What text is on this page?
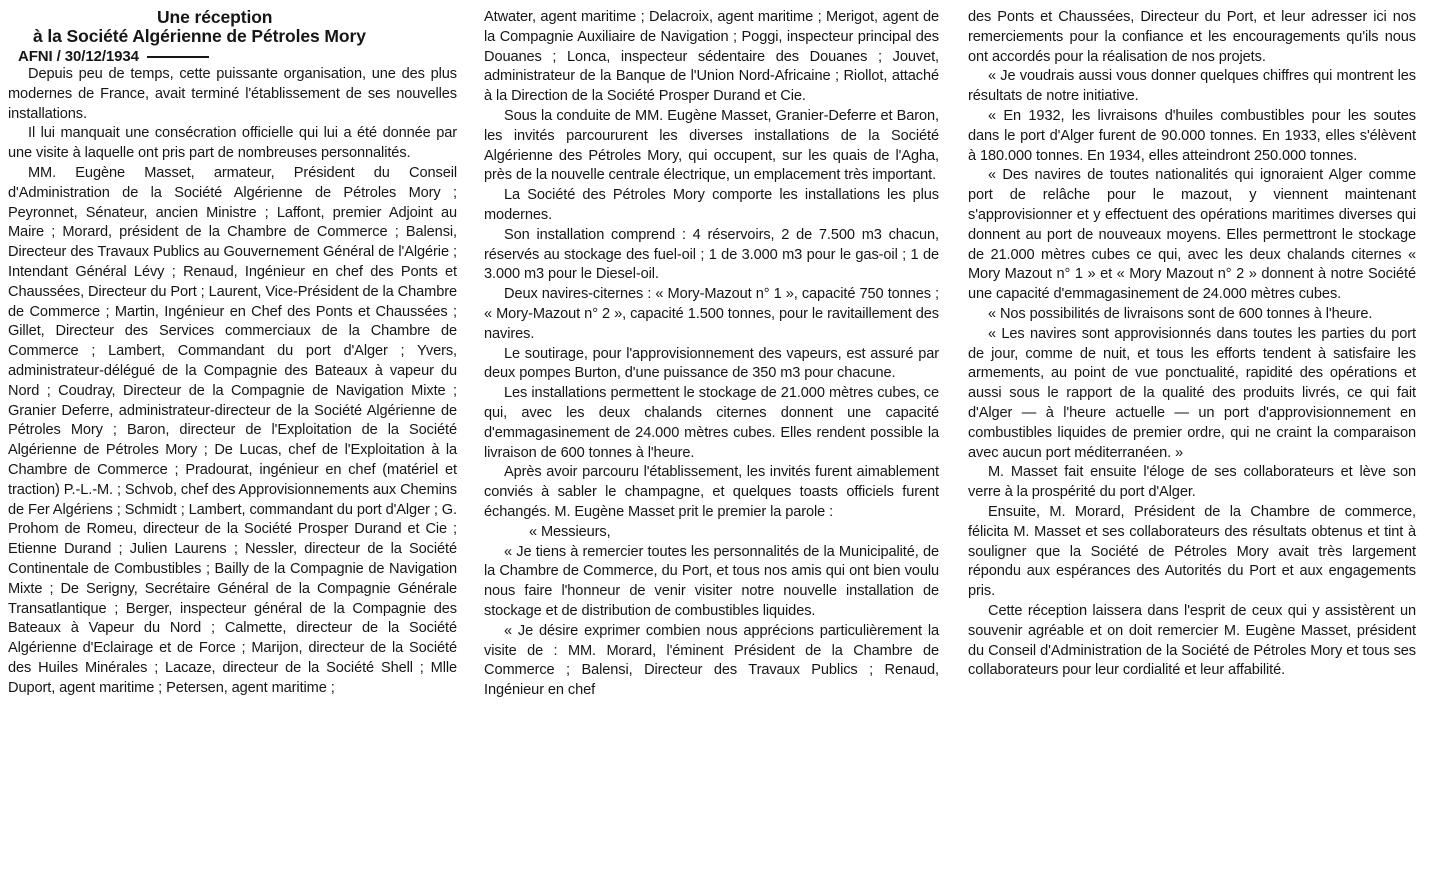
Une réception
à la Société Algérienne de Pétroles Mory
AFNI / 30/12/1934

Depuis peu de temps, cette puissante organisation, une des plus modernes de France, avait terminé l'établissement de ses nouvelles installations.

Il lui manquait une consécration officielle qui lui a été donnée par une visite à laquelle ont pris part de nombreuses personnalités.

MM. Eugène Masset, armateur, Président du Conseil d'Administration de la Société Algérienne de Pétroles Mory ; Peyronnet, Sénateur, ancien Ministre ; Laffont, premier Adjoint au Maire ; Morard, président de la Chambre de Commerce ; Balensi, Directeur des Travaux Publics au Gouvernement Général de l'Algérie ; Intendant Général Lévy ; Renaud, Ingénieur en chef des Ponts et Chaussées, Directeur du Port ; Laurent, Vice-Président de la Chambre de Commerce ; Martin, Ingénieur en Chef des Ponts et Chaussées ; Gillet, Directeur des Services commerciaux de la Chambre de Commerce ; Lambert, Commandant du port d'Alger ; Yvers, administrateur-délégué de la Compagnie des Bateaux à vapeur du Nord ; Coudray, Directeur de la Compagnie de Navigation Mixte ; Granier Deferre, administrateur-directeur de la Société Algérienne de Pétroles Mory ; Baron, directeur de l'Exploitation de la Société Algérienne de Pétroles Mory ; De Lucas, chef de l'Exploitation à la Chambre de Commerce ; Pradourat, ingénieur en chef (matériel et traction) P.-L.-M. ; Schvob, chef des Approvisionnements aux Chemins de Fer Algériens ; Schmidt ; Lambert, commandant du port d'Alger ; G. Prohom de Romeu, directeur de la Société Prosper Durand et Cie ; Etienne Durand ; Julien Laurens ; Nessler, directeur de la Société Continentale de Combustibles ; Bailly de la Compagnie de Navigation Mixte ; De Serigny, Secrétaire Général de la Compagnie Générale Transatlantique ; Berger, inspecteur général de la Compagnie des Bateaux à Vapeur du Nord ; Calmette, directeur de la Société Algérienne d'Eclairage et de Force ; Marijon, directeur de la Société des Huiles Minérales ; Lacaze, directeur de la Société Shell ; Mlle Duport, agent maritime ; Petersen, agent maritime ;

Atwater, agent maritime ; Delacroix, agent maritime ; Merigot, agent de la Compagnie Auxiliaire de Navigation ; Poggi, inspecteur principal des Douanes ; Lonca, inspecteur sédentaire des Douanes ; Jouvet, administrateur de la Banque de l'Union Nord-Africaine ; Riollot, attaché à la Direction de la Société Prosper Durand et Cie.

Sous la conduite de MM. Eugène Masset, Granier-Deferre et Baron, les invités parcoururent les diverses installations de la Société Algérienne des Pétroles Mory, qui occupent, sur les quais de l'Agha, près de la nouvelle centrale électrique, un emplacement très important.

La Société des Pétroles Mory comporte les installations les plus modernes.

Son installation comprend : 4 réservoirs, 2 de 7.500 m3 chacun, réservés au stockage des fuel-oil ; 1 de 3.000 m3 pour le gas-oil ; 1 de 3.000 m3 pour le Diesel-oil.

Deux navires-citernes : « Mory-Mazout n° 1 », capacité 750 tonnes ; « Mory-Mazout n° 2 », capacité 1.500 tonnes, pour le ravitaillement des navires.

Le soutirage, pour l'approvisionnement des vapeurs, est assuré par deux pompes Burton, d'une puissance de 350 m3 pour chacune.

Les installations permettent le stockage de 21.000 mètres cubes, ce qui, avec les deux chalands citernes donnent une capacité d'emmagasinement de 24.000 mètres cubes. Elles rendent possible la livraison de 600 tonnes à l'heure.

Après avoir parcouru l'établissement, les invités furent aimablement conviés à sabler le champagne, et quelques toasts officiels furent échangés. M. Eugène Masset prit le premier la parole :

« Messieurs,

« Je tiens à remercier toutes les personnalités de la Municipalité, de la Chambre de Commerce, du Port, et tous nos amis qui ont bien voulu nous faire l'honneur de venir visiter notre nouvelle installation de stockage et de distribution de combustibles liquides.

« Je désire exprimer combien nous apprécions particulièrement la visite de : MM. Morard, l'éminent Président de la Chambre de Commerce ; Balensi, Directeur des Travaux Publics ; Renaud, Ingénieur en chef

des Ponts et Chaussées, Directeur du Port, et leur adresser ici nos remerciements pour la confiance et les encouragements qu'ils nous ont accordés pour la réalisation de nos projets.

« Je voudrais aussi vous donner quelques chiffres qui montrent les résultats de notre initiative.

« En 1932, les livraisons d'huiles combustibles pour les soutes dans le port d'Alger furent de 90.000 tonnes. En 1933, elles s'élèvent à 180.000 tonnes. En 1934, elles atteindront 250.000 tonnes.

« Des navires de toutes nationalités qui ignoraient Alger comme port de relâche pour le mazout, y viennent maintenant s'approvisionner et y effectuent des opérations maritimes diverses qui donnent au port de nouveaux moyens. Elles permettront le stockage de 21.000 mètres cubes ce qui, avec les deux chalands citernes « Mory Mazout n° 1 » et « Mory Mazout n° 2 » donnent à notre Société une capacité d'emmagasinement de 24.000 mètres cubes.

« Nos possibilités de livraisons sont de 600 tonnes à l'heure.

« Les navires sont approvisionnés dans toutes les parties du port de jour, comme de nuit, et tous les efforts tendent à satisfaire les armements, au point de vue ponctualité, rapidité des opérations et aussi sous le rapport de la qualité des produits livrés, ce qui fait d'Alger — à l'heure actuelle — un port d'approvisionnement en combustibles liquides de premier ordre, qui ne craint la comparaison avec aucun port méditerranéen. »

M. Masset fait ensuite l'éloge de ses collaborateurs et lève son verre à la prospérité du port d'Alger.

Ensuite, M. Morard, Président de la Chambre de commerce, félicita M. Masset et ses collaborateurs des résultats obtenus et tint à souligner que la Société de Pétroles Mory avait très largement répondu aux espérances des Autorités du Port et aux engagements pris.

Cette réception laissera dans l'esprit de ceux qui y assistèrent un souvenir agréable et on doit remercier M. Eugène Masset, président du Conseil d'Administration de la Société de Pétroles Mory et tous ses collaborateurs pour leur cordialité et leur affabilité.
